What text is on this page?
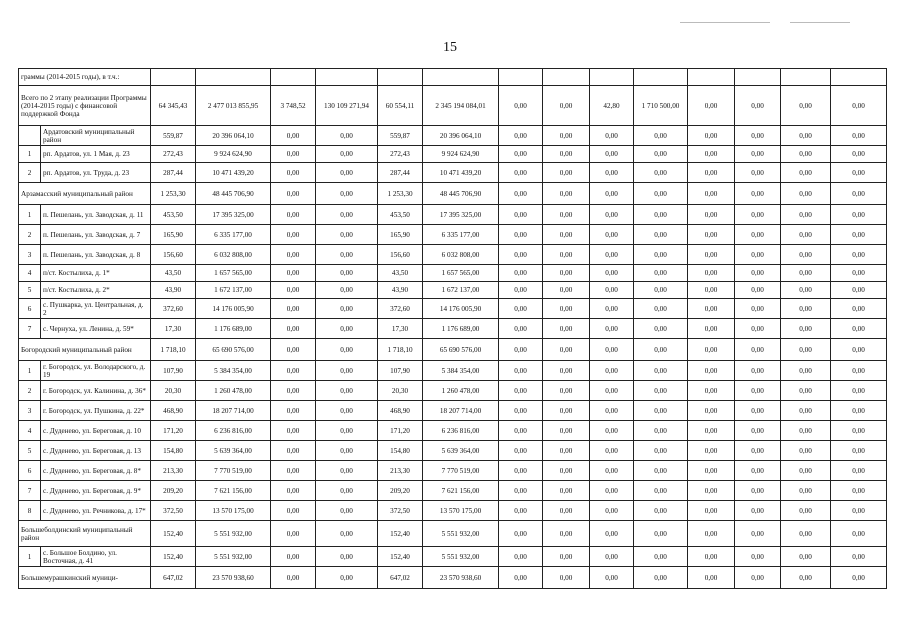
15
граммы (2014-2015 годы), в т.ч.:																
Всего по 2 этапу реализации Программы (2014-2015 годы) с финансовой поддержкой Фонда		64 345,43	2 477 013 855,95	3 748,52	130 109 271,94	60 554,11	2 345 194 084,01	0,00	0,00	42,80	1 710 500,00	0,00	0,00	0,00	0,00	
	Ардатовский муниципальный район	559,87	20 396 064,10	0,00	0,00	559,87	20 396 064,10	0,00	0,00	0,00	0,00	0,00	0,00	0,00	0,00	
1	рп. Ардатов, ул. 1 Мая, д. 23	272,43	9 924 624,90	0,00	0,00	272,43	9 924 624,90	0,00	0,00	0,00	0,00	0,00	0,00	0,00	0,00	
2	рп. Ардатов, ул. Труда, д. 23	287,44	10 471 439,20	0,00	0,00	287,44	10 471 439,20	0,00	0,00	0,00	0,00	0,00	0,00	0,00	0,00	
Арзамасский муниципальный район		1 253,30	48 445 706,90	0,00	0,00	1 253,30	48 445 706,90	0,00	0,00	0,00	0,00	0,00	0,00	0,00	0,00	
1	п. Пешелань, ул. Заводская, д. 11	453,50	17 395 325,00	0,00	0,00	453,50	17 395 325,00	0,00	0,00	0,00	0,00	0,00	0,00	0,00	0,00	
2	п. Пешелань, ул. Заводская, д. 7	165,90	6 335 177,00	0,00	0,00	165,90	6 335 177,00	0,00	0,00	0,00	0,00	0,00	0,00	0,00	0,00	
3	п. Пешелань, ул. Заводская, д. 8	156,60	6 032 808,00	0,00	0,00	156,60	6 032 808,00	0,00	0,00	0,00	0,00	0,00	0,00	0,00	0,00	
4	п/ст. Костылиха, д. 1*	43,50	1 657 565,00	0,00	0,00	43,50	1 657 565,00	0,00	0,00	0,00	0,00	0,00	0,00	0,00	0,00	
5	п/ст. Костылиха, д. 2*	43,90	1 672 137,00	0,00	0,00	43,90	1 672 137,00	0,00	0,00	0,00	0,00	0,00	0,00	0,00	0,00	
6	с. Пушкарка, ул. Центральная, д. 2	372,60	14 176 005,90	0,00	0,00	372,60	14 176 005,90	0,00	0,00	0,00	0,00	0,00	0,00	0,00	0,00	
7	с. Чернуха, ул. Ленина, д. 59*	17,30	1 176 689,00	0,00	0,00	17,30	1 176 689,00	0,00	0,00	0,00	0,00	0,00	0,00	0,00	0,00	
Богородский муниципальный район		1 718,10	65 690 576,00	0,00	0,00	1 718,10	65 690 576,00	0,00	0,00	0,00	0,00	0,00	0,00	0,00	0,00	
1	г. Богородск, ул. Володарского, д. 19	107,90	5 384 354,00	0,00	0,00	107,90	5 384 354,00	0,00	0,00	0,00	0,00	0,00	0,00	0,00	0,00	
2	г. Богородск, ул. Калинина, д. 36*	20,30	1 260 478,00	0,00	0,00	20,30	1 260 478,00	0,00	0,00	0,00	0,00	0,00	0,00	0,00	0,00	
3	г. Богородск, ул. Пушкина, д. 22*	468,90	18 207 714,00	0,00	0,00	468,90	18 207 714,00	0,00	0,00	0,00	0,00	0,00	0,00	0,00	0,00	
4	с. Дуденево, ул. Береговая, д. 10	171,20	6 236 816,00	0,00	0,00	171,20	6 236 816,00	0,00	0,00	0,00	0,00	0,00	0,00	0,00	0,00	
5	с. Дуденево, ул. Береговая, д. 13	154,80	5 639 364,00	0,00	0,00	154,80	5 639 364,00	0,00	0,00	0,00	0,00	0,00	0,00	0,00	0,00	
6	с. Дуденево, ул. Береговая, д. 8*	213,30	7 770 519,00	0,00	0,00	213,30	7 770 519,00	0,00	0,00	0,00	0,00	0,00	0,00	0,00	0,00	
7	с. Дуденево, ул. Береговая, д. 9*	209,20	7 621 156,00	0,00	0,00	209,20	7 621 156,00	0,00	0,00	0,00	0,00	0,00	0,00	0,00	0,00	
8	с. Дуденево, ул. Речникова, д. 17*	372,50	13 570 175,00	0,00	0,00	372,50	13 570 175,00	0,00	0,00	0,00	0,00	0,00	0,00	0,00	0,00	
Большеболдинский муниципальный район		152,40	5 551 932,00	0,00	0,00	152,40	5 551 932,00	0,00	0,00	0,00	0,00	0,00	0,00	0,00	0,00	
1	с. Большое Болдино, ул. Восточная, д. 41	152,40	5 551 932,00	0,00	0,00	152,40	5 551 932,00	0,00	0,00	0,00	0,00	0,00	0,00	0,00	0,00	
Большемурашкинский муници-		647,02	23 570 938,60	0,00	0,00	647,02	23 570 938,60	0,00	0,00	0,00	0,00	0,00	0,00	0,00	0,00	
